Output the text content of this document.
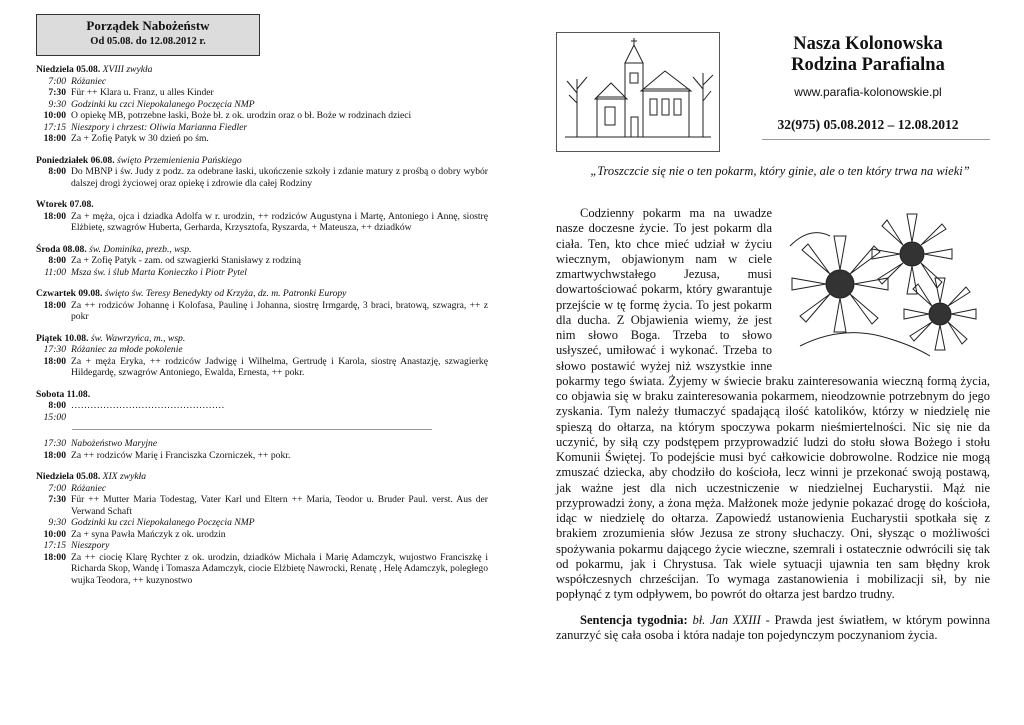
Porządek Nabożeństw
Od 05.08. do 12.08.2012 r.
Niedziela 05.08. XVIII zwykła
7:00 Różaniec
7:30 Für ++ Klara u. Franz, u alles Kinder
9:30 Godzinki ku czci Niepokalanego Poczęcia NMP
10:00 O opiekę MB, potrzebne łaski, Boże bł. z ok. urodzin oraz o bł. Boże w rodzinach dzieci
17:15 Nieszpory i chrzest: Oliwia Marianna Fiedler
18:00 Za + Zofię Patyk w 30 dzień po śm.
Poniedziałek 06.08. święto Przemienienia Pańskiego
8:00 Do MBNP i św. Judy z podz. za odebrane łaski, ukończenie szkoły i zdanie matury z prośbą o dobry wybór dalszej drogi życiowej oraz opiekę i zdrowie dla całej Rodziny
Wtorek 07.08.
18:00 Za + męża, ojca i dziadka Adolfa w r. urodzin, ++ rodziców Augustyna i Martę, Antoniego i Annę, siostrę Elżbietę, szwagrów Huberta, Gerharda, Krzysztofa, Ryszarda, + Mateusza, ++ dziadków
Środa 08.08. św. Dominika, prezb., wsp.
8:00 Za + Zofię Patyk - zam. od szwagierki Stanisławy z rodziną
11:00 Msza św. i ślub Marta Konieczko i Piotr Pytel
Czwartek 09.08. święto św. Teresy Benedykty od Krzyża, dz. m. Patronki Europy
18:00 Za ++ rodziców Johannę i Kolofasa, Paulinę i Johanna, siostrę Irmgardę, 3 braci, bratową, szwagra, ++ z pokr
Piątek 10.08. św. Wawrzyńca, m., wsp.
17:30 Różaniec za młode pokolenie
18:00 Za + męża Eryka, ++ rodziców Jadwigę i Wilhelma, Gertrudę i Karola, siostrę Anastazję, szwagierkę Hildegardę, szwagrów Antoniego, Ewalda, Ernesta, ++ pokr.
Sobota 11.08.
8:00 …………………………………………
15:00
17:30 Nabożeństwo Maryjne
18:00 Za ++ rodziców Marię i Franciszka Czorniczek, ++ pokr.
Niedziela 05.08. XIX zwykła
7:00 Różaniec
7:30 Für ++ Mutter Maria Todestag, Vater Karl und Eltern ++ Maria, Teodor u. Bruder Paul. verst. Aus der Verwand Schaft
9:30 Godzinki ku czci Niepokalanego Poczęcia NMP
10:00 Za + syna Pawła Mańczyk z ok. urodzin
17:15 Nieszpory
18:00 Za ++ ciocię Klarę Rychter z ok. urodzin, dziadków Michała i Marię Adamczyk, wujostwo Franciszkę i Richarda Skop, Wandę i Tomasza Adamczyk, ciocie Elżbietę Nawrocki, Renatę , Helę Adamczyk, poległego wujka Teodora, ++ kuzynostwo
Nasza Kolonowska
Rodzina Parafialna
www.parafia-kolonowskie.pl
32(975) 05.08.2012 – 12.08.2012
„Troszczcie się nie o ten pokarm, który ginie, ale o ten który trwa na wieki”

Codzienny pokarm ma na uwadze nasze doczesne życie. To jest pokarm dla ciała. Ten, kto chce mieć udział w życiu wiecznym, objawionym nam w ciele zmartwychwstałego Jezusa, musi dowartościować pokarm, który gwarantuje przejście w tę formę życia. To jest pokarm dla ducha. Z Objawienia wiemy, że jest nim słowo Boga. Trzeba to słowo usłyszeć, umiłować i wykonać. Trzeba to słowo postawić wyżej niż wszystkie inne pokarmy tego świata. Żyjemy w świecie braku zainteresowania wieczną formą życia, co objawia się w braku zainteresowania pokarmem, nieodzownie potrzebnym do jego zyskania. Tym należy tłumaczyć spadającą ilość katolików, którzy w niedzielę nie spieszą do ołtarza, na którym spoczywa pokarm nieśmiertelności. Nic się nie da uczynić, by siłą czy podstępem przyprowadzić ludzi do stołu słowa Bożego i stołu Komunii Świętej. To podejście musi być całkowicie dobrowolne. Rodzice nie mogą zmuszać dziecka, aby chodziło do kościoła, lecz winni je przekonać swoją postawą, jak ważne jest dla nich uczestniczenie w niedzielnej Eucharystii. Mąż nie przyprowadzi żony, a żona męża. Małżonek może jedynie pokazać drogę do kościoła, idąc w niedzielę do ołtarza. Zapowiedź ustanowienia Eucharystii spotkała się z brakiem zrozumienia słów Jezusa ze strony słuchaczy. Oni, słysząc o możliwości spożywania pokarmu dającego życie wieczne, szemrali i ostatecznie odwrócili się tak od pokarmu, jak i Chrystusa. Tak wiele sytuacji ujawnia ten sam błędny krok współczesnych chrześcijan. To wymaga zastanowienia i mobilizacji sił, by nie popłynąć z tym odpływem, bo powrót do ołtarza jest bardzo trudny.

Sentencja tygodnia: bł. Jan XXIII - Prawda jest światłem, w którym powinna zanurzyć się cała osoba i która nadaje ton pojedynczym poczynaniom życia.
